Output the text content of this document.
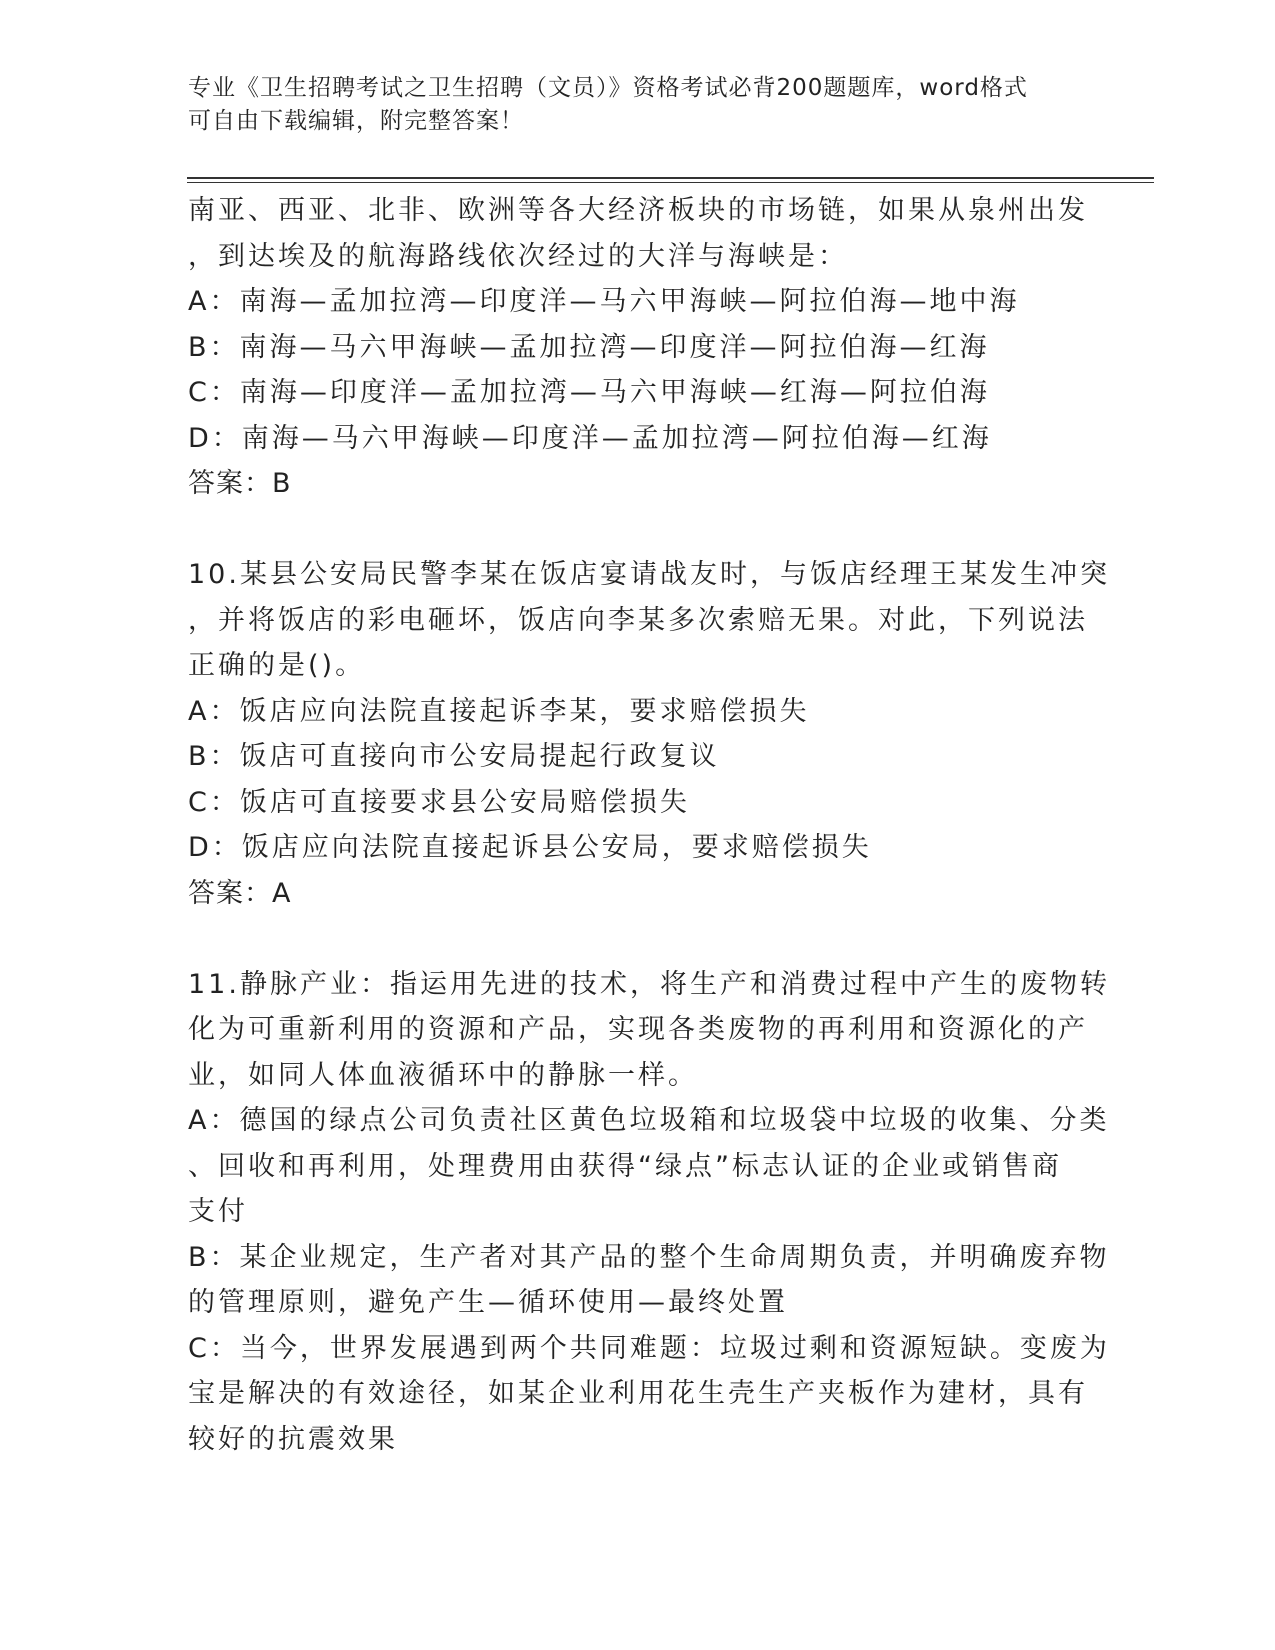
专业《卫生招聘考试之卫生招聘（文员）》资格考试必背200题题库，word格式
可自由下载编辑，附完整答案！
南亚、西亚、北非、欧洲等各大经济板块的市场链，如果从泉州出发
，到达埃及的航海路线依次经过的大洋与海峡是：
A：南海—孟加拉湾—印度洋—马六甲海峡—阿拉伯海—地中海
B：南海—马六甲海峡—孟加拉湾—印度洋—阿拉伯海—红海
C：南海—印度洋—孟加拉湾—马六甲海峡—红海—阿拉伯海
D：南海—马六甲海峡—印度洋—孟加拉湾—阿拉伯海—红海
答案：B
10.某县公安局民警李某在饭店宴请战友时，与饭店经理王某发生冲突
，并将饭店的彩电砸坏，饭店向李某多次索赔无果。对此，下列说法
正确的是()。
A：饭店应向法院直接起诉李某，要求赔偿损失
B：饭店可直接向市公安局提起行政复议
C：饭店可直接要求县公安局赔偿损失
D：饭店应向法院直接起诉县公安局，要求赔偿损失
答案：A
11.静脉产业：指运用先进的技术，将生产和消费过程中产生的废物转
化为可重新利用的资源和产品，实现各类废物的再利用和资源化的产
业，如同人体血液循环中的静脉一样。
A：德国的绿点公司负责社区黄色垃圾箱和垃圾袋中垃圾的收集、分类
、回收和再利用，处理费用由获得“绿点”标志认证的企业或销售商
支付
B：某企业规定，生产者对其产品的整个生命周期负责，并明确废弃物
的管理原则，避免产生—循环使用—最终处置
C：当今，世界发展遇到两个共同难题：垃圾过剩和资源短缺。变废为
宝是解决的有效途径，如某企业利用花生壳生产夹板作为建材，具有
较好的抗震效果
